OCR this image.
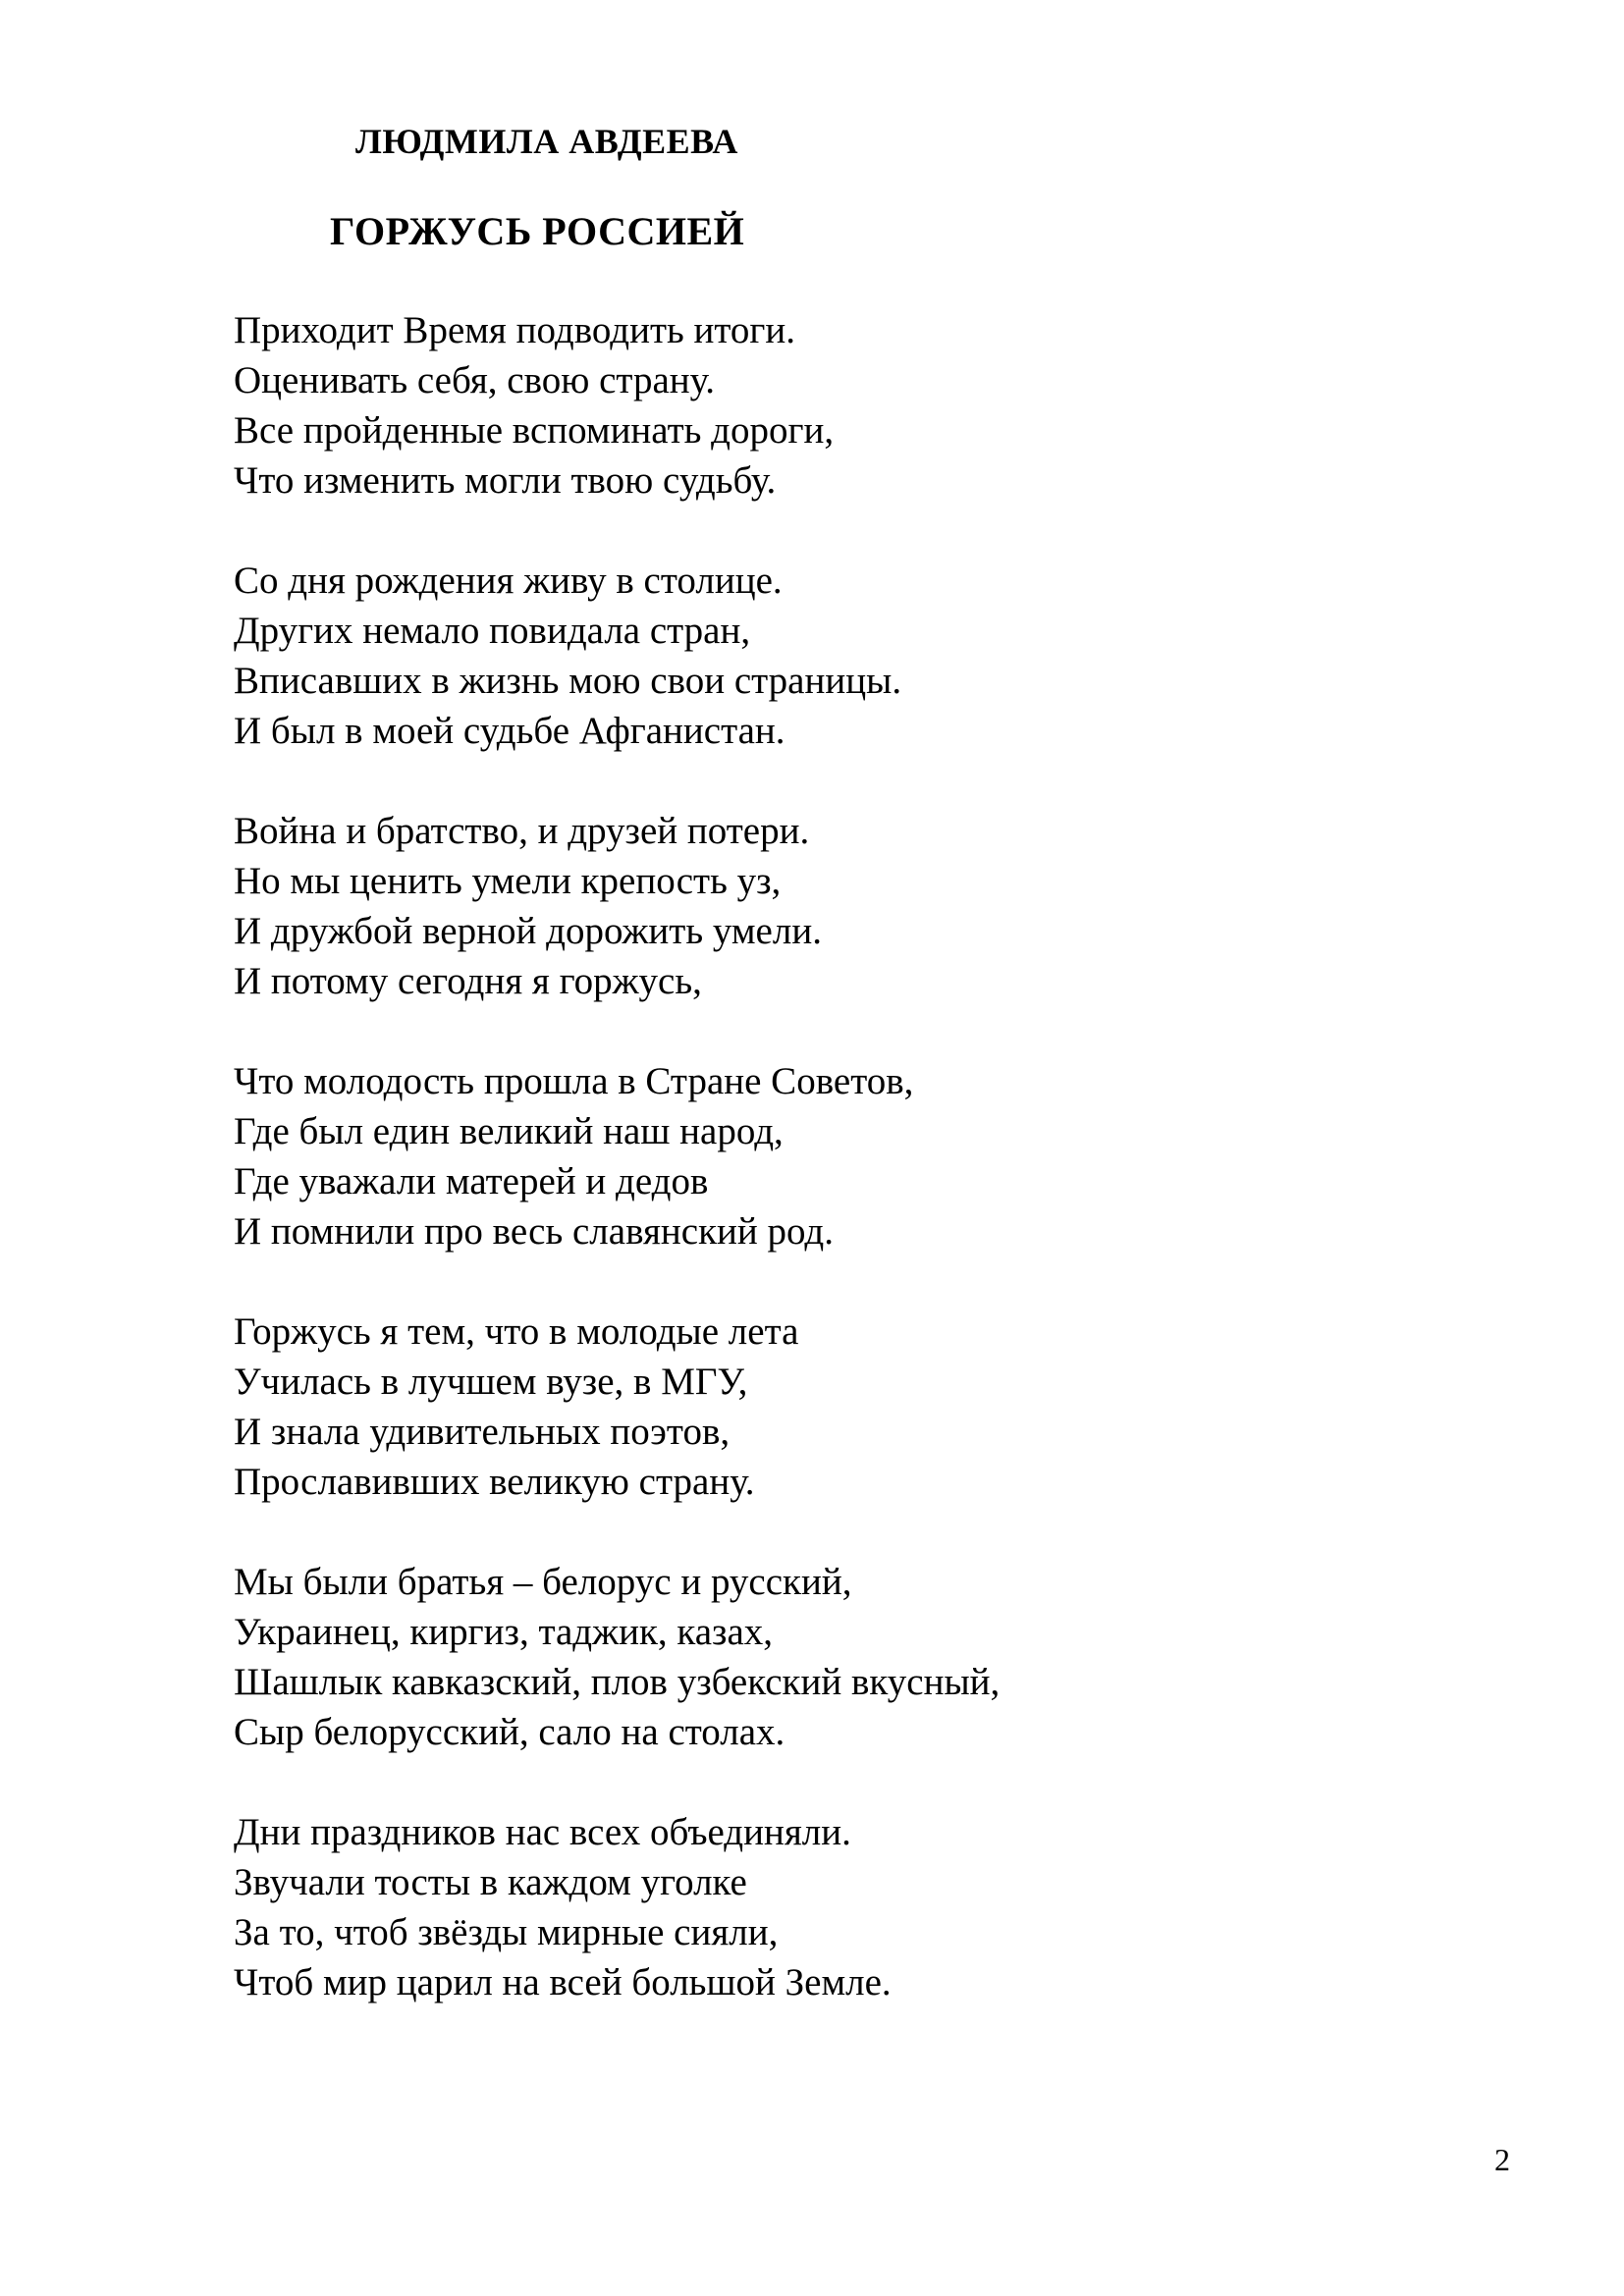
ЛЮДМИЛА АВДЕЕВА
ГОРЖУСЬ РОССИЕЙ
Приходит Время подводить итоги.
Оценивать себя, свою страну.
Все пройденные вспоминать дороги,
Что изменить могли твою судьбу.
Со дня рождения живу в столице.
Других немало повидала стран,
Вписавших в жизнь мою свои страницы.
И был в моей судьбе Афганистан.
Война и братство, и друзей потери.
Но мы ценить умели крепость уз,
И дружбой верной дорожить умели.
И потому сегодня я горжусь,
Что молодость прошла в Стране Советов,
Где был един великий наш народ,
Где уважали матерей и дедов
И помнили про весь славянский род.
Горжусь я тем, что в молодые лета
Училась в лучшем вузе, в МГУ,
И знала удивительных поэтов,
Прославивших великую страну.
Мы были братья – белорус и русский,
Украинец, киргиз, таджик, казах,
Шашлык кавказский, плов узбекский вкусный,
Сыр белорусский, сало на столах.
Дни праздников нас всех объединяли.
Звучали тосты в каждом уголке
За то, чтоб звёзды мирные сияли,
Чтоб мир царил на всей большой Земле.
2
